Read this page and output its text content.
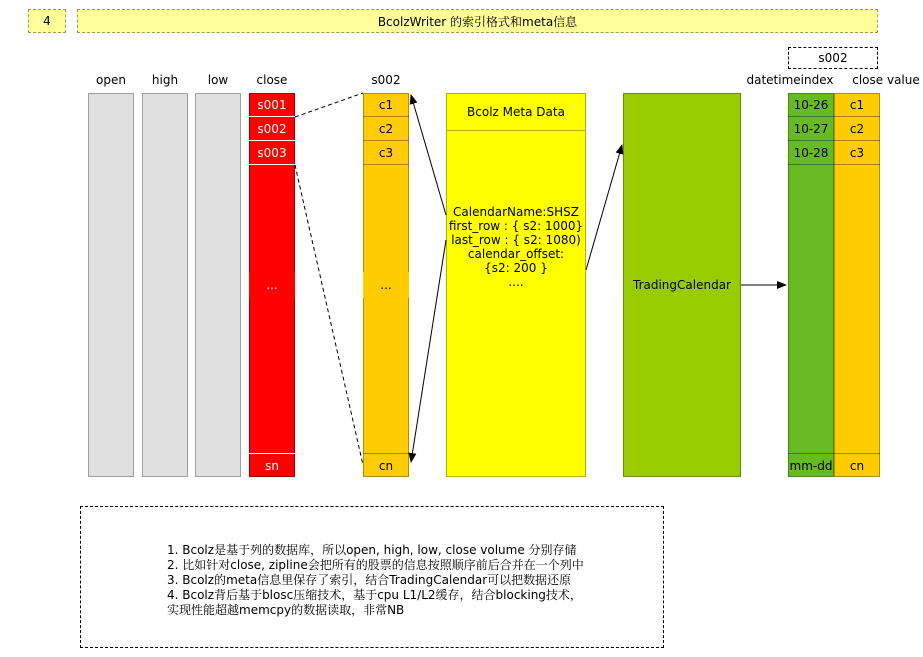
4	BcolzWriter 的索引格式和meta信息
open	high	low	close	s002	datetimeindex	close value
s001
s002
s003
...
sn
c1
c2
c3
...
cn
Bcolz Meta Data
CalendarName:SHSZ
first_row : { s2: 1000}
last_row : { s2: 1080)
calendar_offset:
{s2: 200 }
....	TradingCalendar
s002
10-26
10-27
10-28
mm-dd
c1
c2
c3
cn
1. Bcolz是基于列的数据库，所以open, high, low, close volume 分别存储
2. 比如针对close, zipline会把所有的股票的信息按照顺序前后合并在一个列中
3. Bcolz的meta信息里保存了索引，结合TradingCalendar可以把数据还原
4. Bcolz背后基于blosc压缩技术，基于cpu L1/L2缓存，结合blocking技术，
实现性能超越memcpy的数据读取，非常NB
